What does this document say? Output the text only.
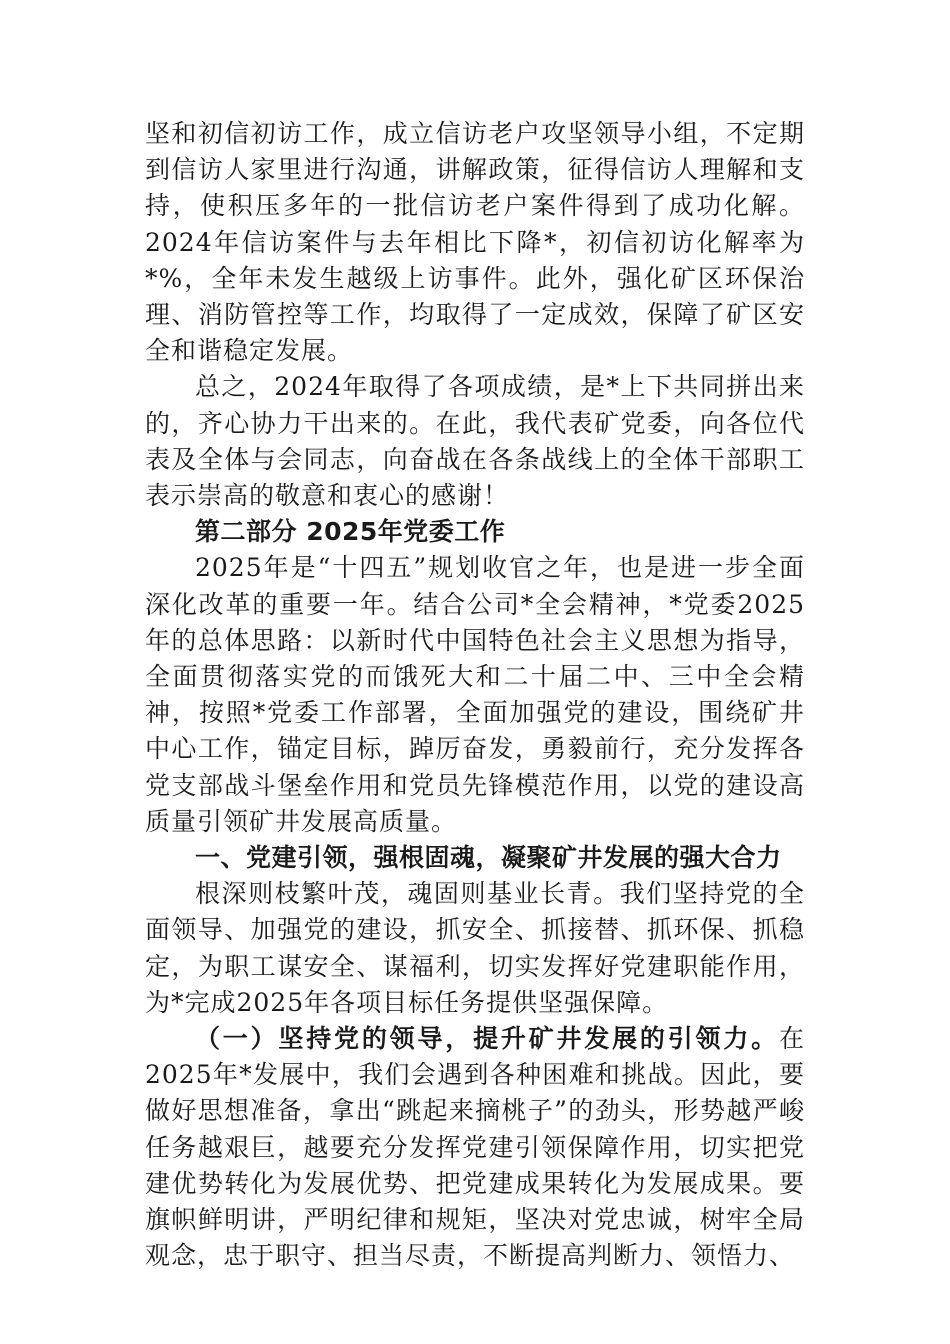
坚和初信初访工作，成立信访老户攻坚领导小组，不定期到信访人家里进行沟通，讲解政策，征得信访人理解和支持，使积压多年的一批信访老户案件得到了成功化解。2024年信访案件与去年相比下降*，初信初访化解率为*%，全年未发生越级上访事件。此外，强化矿区环保治理、消防管控等工作，均取得了一定成效，保障了矿区安全和谐稳定发展。

总之，2024年取得了各项成绩，是*上下共同拼出来的，齐心协力干出来的。在此，我代表矿党委，向各位代表及全体与会同志，向奋战在各条战线上的全体干部职工表示崇高的敬意和衷心的感谢！

第二部分 2025年党委工作

2025年是“十四五”规划收官之年，也是进一步全面深化改革的重要一年。结合公司*全会精神，*党委2025年的总体思路：以新时代中国特色社会主义思想为指导，全面贯彻落实党的而饿死大和二十届二中、三中全会精神，按照*党委工作部署，全面加强党的建设，围绕矿井中心工作，锚定目标，踔厉奋发，勇毅前行，充分发挥各党支部战斗堡垒作用和党员先锋模范作用，以党的建设高质量引领矿井发展高质量。

一、党建引领，强根固魂，凝聚矿井发展的强大合力

根深则枝繁叶茂，魂固则基业长青。我们坚持党的全面领导、加强党的建设，抓安全、抓接替、抓环保、抓稳定，为职工谋安全、谋福利，切实发挥好党建职能作用，为*完成2025年各项目标任务提供坚强保障。

（一）坚持党的领导，提升矿井发展的引领力。在2025年*发展中，我们会遇到各种困难和挑战。因此，要做好思想准备，拿出“跳起来摘桃子”的劲头，形势越严峻任务越艰巨，越要充分发挥党建引领保障作用，切实把党建优势转化为发展优势、把党建成果转化为发展成果。要旗帜鲜明讲，严明纪律和规矩，坚决对党忠诚，树牢全局观念，忠于职守、担当尽责，不断提高判断力、领悟力、
